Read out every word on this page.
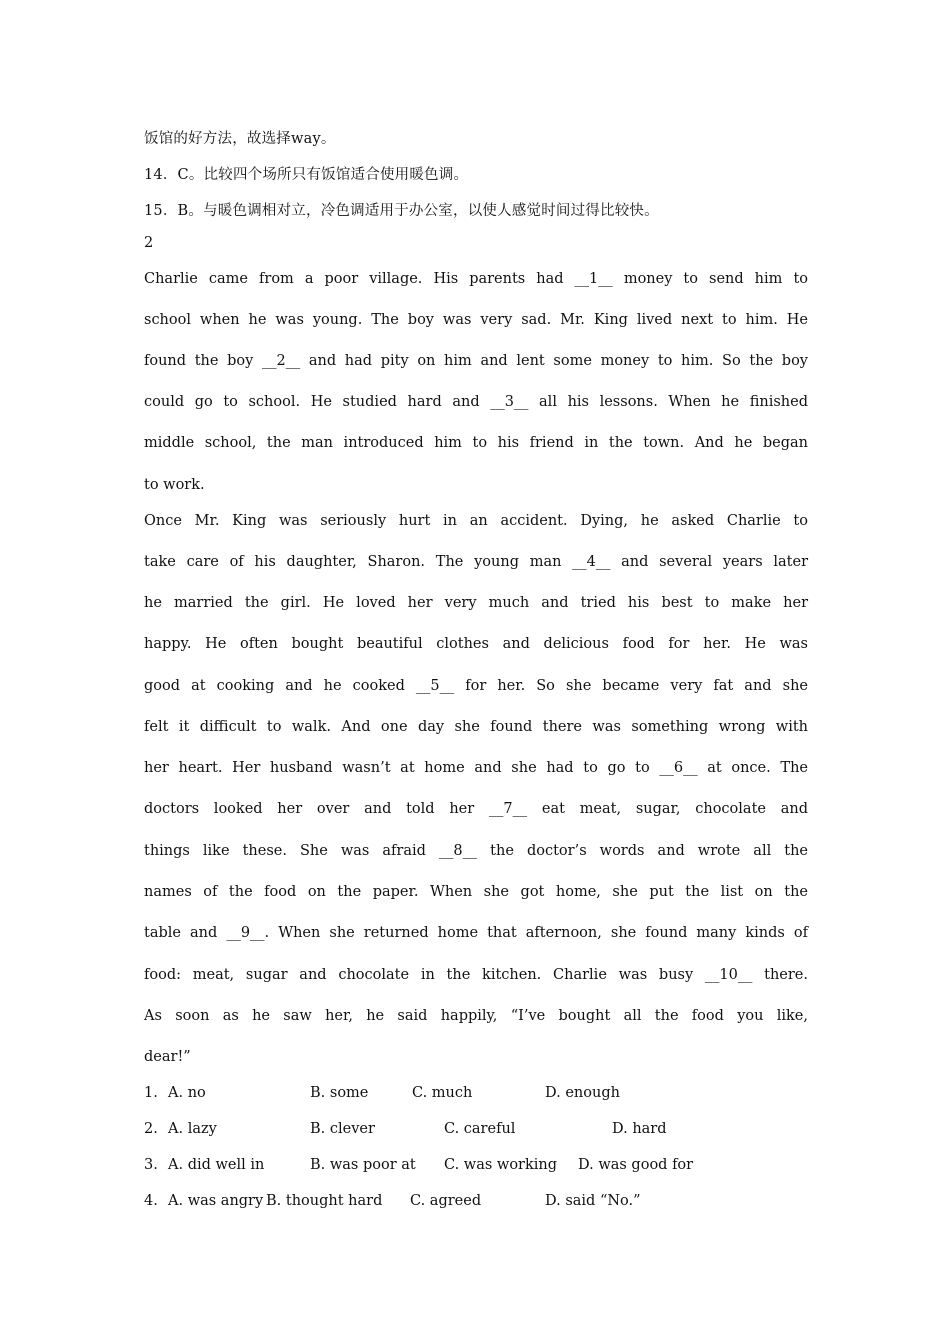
饭馆的好方法，故选择way。
14．C。比较四个场所只有饭馆适合使用暖色调。
15．B。与暖色调相对立，冷色调适用于办公室，以使人感觉时间过得比较快。
2
Charlie came from a poor village. His parents had __1__ money to send him to
school when he was young. The boy was very sad. Mr. King lived next to him. He
found the boy __2__ and had pity on him and lent some money to him. So the boy
could go to school. He studied hard and __3__ all his lessons. When he finished
middle school, the man introduced him to his friend in the town. And he began
to work.
Once Mr. King was seriously hurt in an accident. Dying, he asked Charlie to
take care of his daughter, Sharon. The young man __4__ and several years later
he married the girl. He loved her very much and tried his best to make her
happy. He often bought beautiful clothes and delicious food for her. He was
good at cooking and he cooked __5__ for her. So she became very fat and she
felt it difficult to walk. And one day she found there was something wrong with
her heart. Her husband wasn’t at home and she had to go to __6__ at once. The
doctors looked her over and told her __7__ eat meat, sugar, chocolate and
things like these. She was afraid __8__ the doctor’s words and wrote all the
names of the food on the paper. When she got home, she put the list on the
table and __9__. When she returned home that afternoon, she found many kinds of
food: meat, sugar and chocolate in the kitchen. Charlie was busy __10__ there.
As soon as he saw her, he said happily, “I’ve bought all the food you like,
dear!”
1. A. no	B. some	C. much	D. enough
2. A. lazy	B. clever	C. careful	D. hard
3. A. did well in	B. was poor at C. was working D. was good for
4. A. was angry B. thought hard C. agreed	D. said “No.”
